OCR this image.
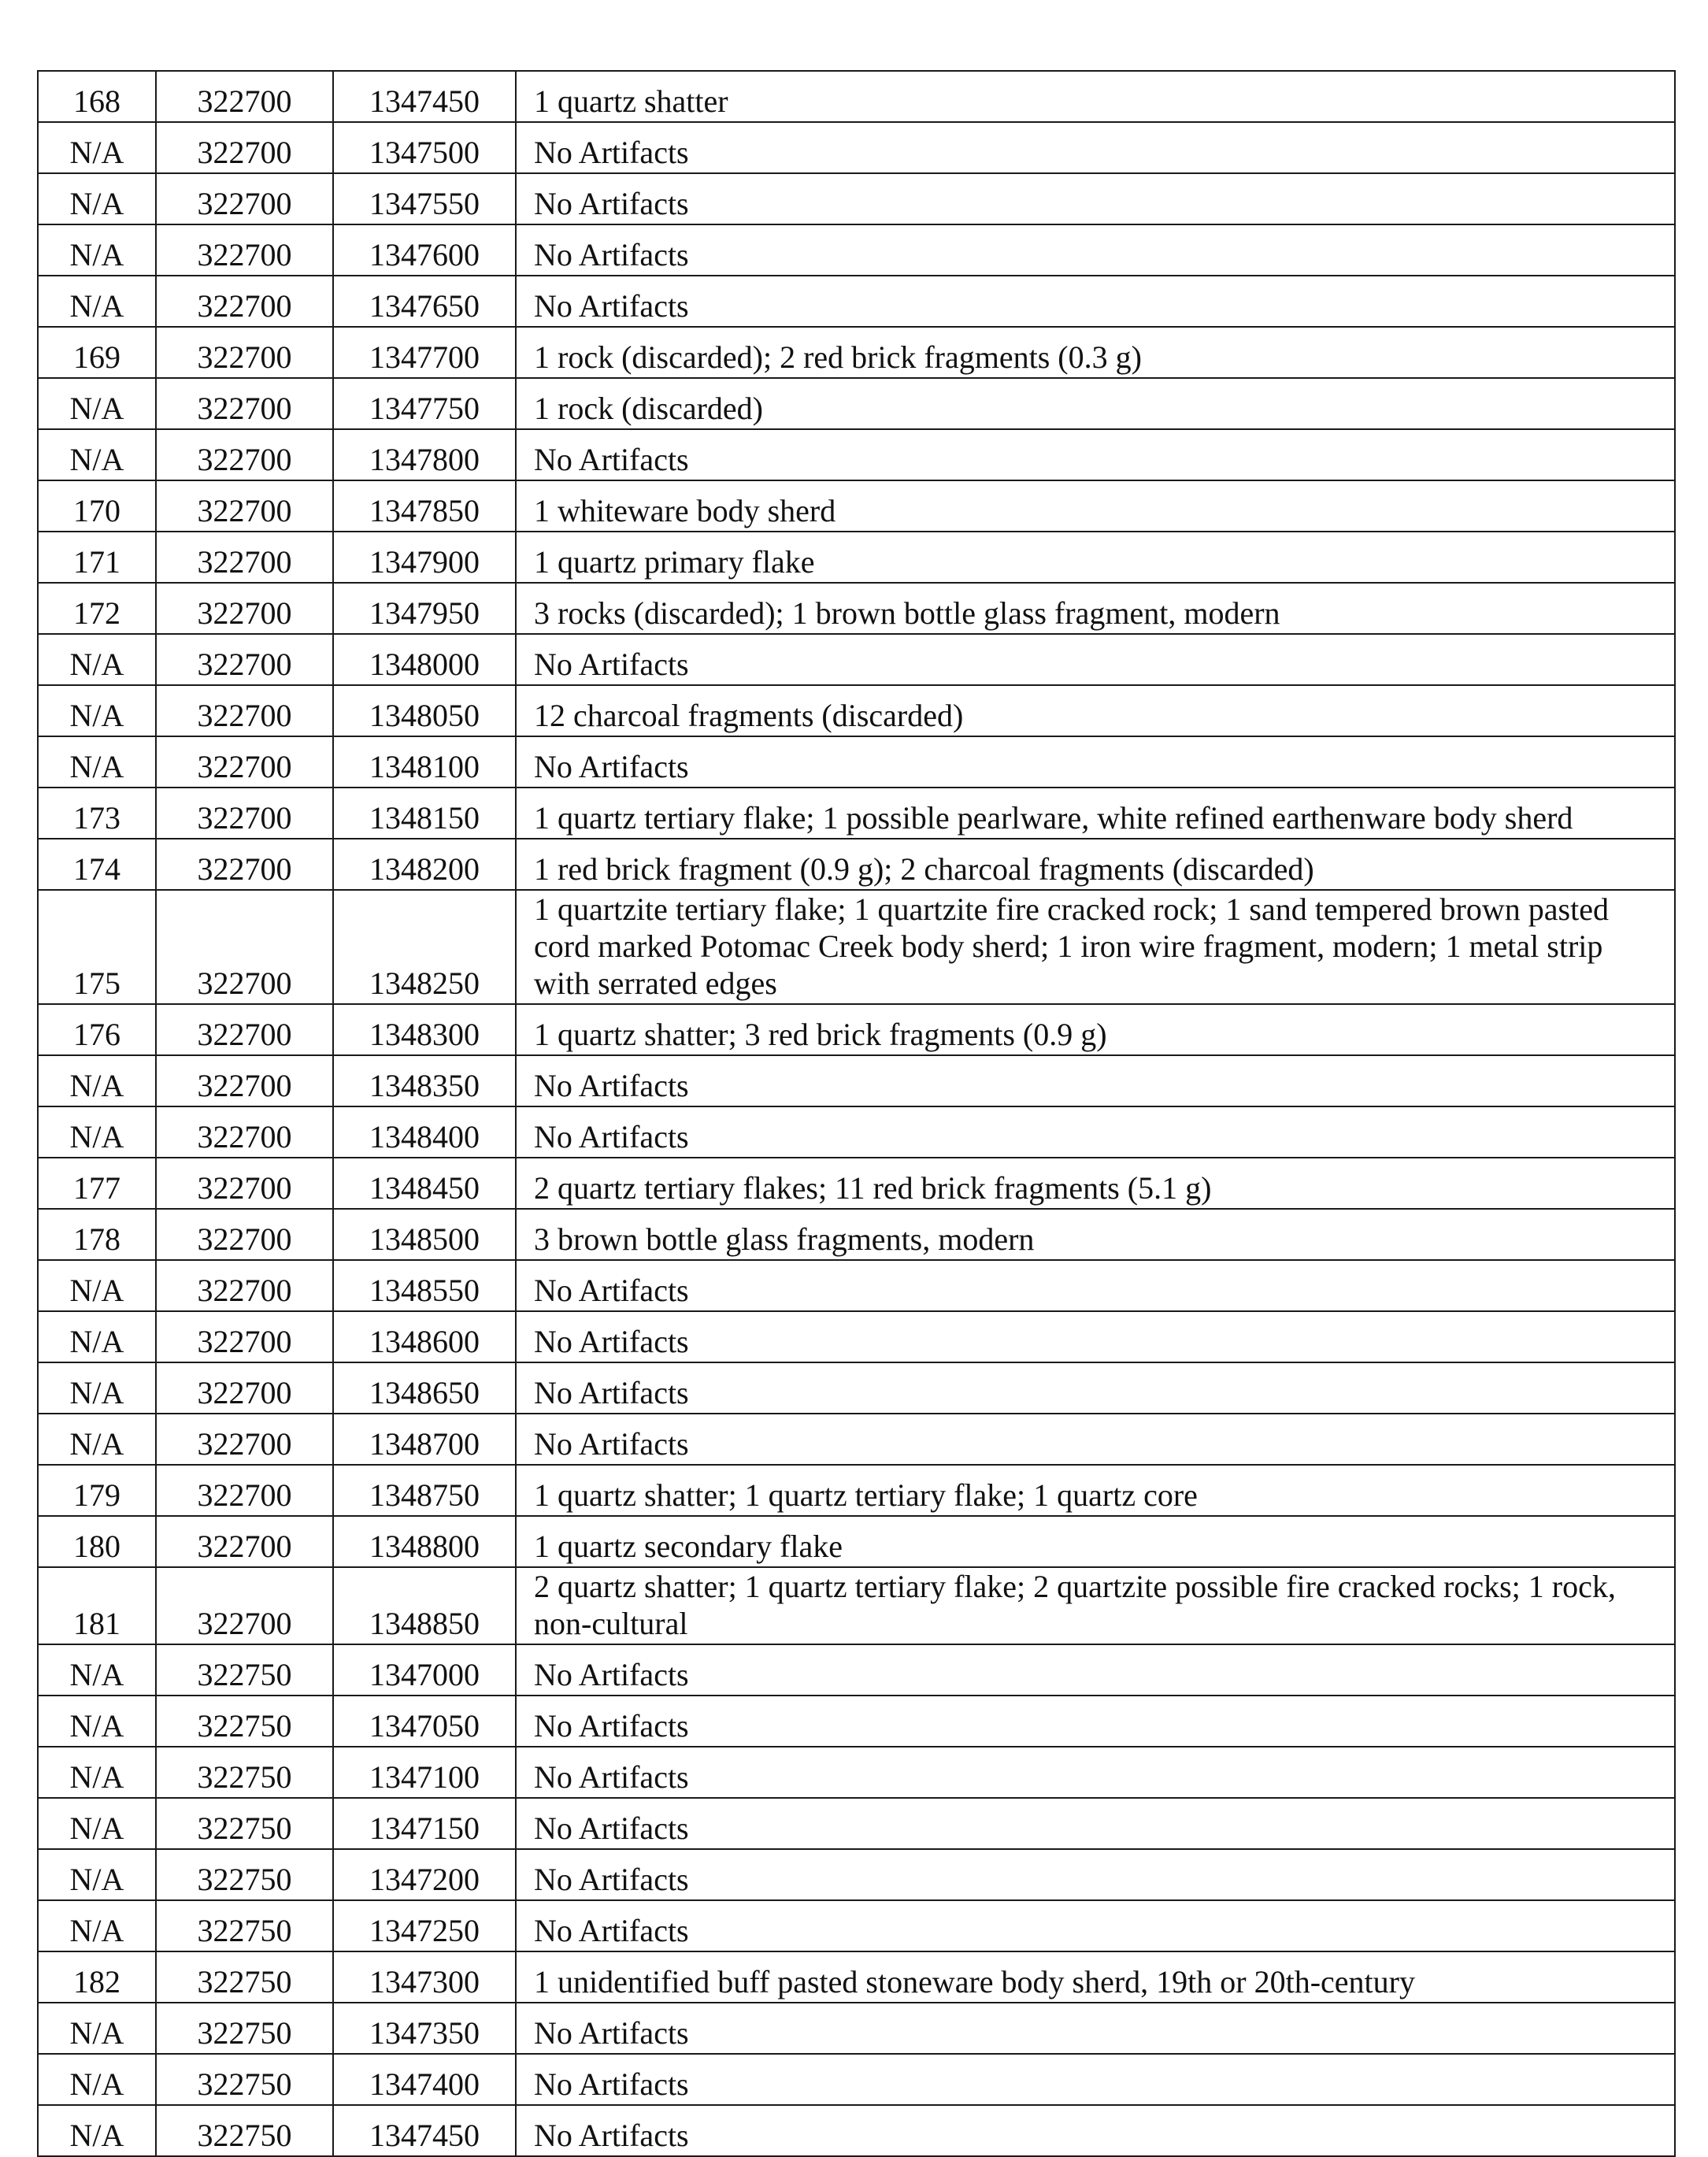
168	322700	1347450	1 quartz shatter
N/A	322700	1347500	No Artifacts
N/A	322700	1347550	No Artifacts
N/A	322700	1347600	No Artifacts
N/A	322700	1347650	No Artifacts
169	322700	1347700	1 rock (discarded); 2 red brick fragments (0.3 g)
N/A	322700	1347750	1 rock (discarded)
N/A	322700	1347800	No Artifacts
170	322700	1347850	1 whiteware body sherd
171	322700	1347900	1 quartz primary flake
172	322700	1347950	3 rocks (discarded); 1 brown bottle glass fragment, modern
N/A	322700	1348000	No Artifacts
N/A	322700	1348050	12 charcoal fragments (discarded)
N/A	322700	1348100	No Artifacts
173	322700	1348150	1 quartz tertiary flake; 1 possible pearlware, white refined earthenware body sherd
174	322700	1348200	1 red brick fragment (0.9 g); 2 charcoal fragments (discarded)
175	322700	1348250	1 quartzite tertiary flake; 1 quartzite fire cracked rock; 1 sand tempered brown pasted cord marked Potomac Creek body sherd; 1 iron wire fragment, modern; 1 metal strip with serrated edges
176	322700	1348300	1 quartz shatter; 3 red brick fragments (0.9 g)
N/A	322700	1348350	No Artifacts
N/A	322700	1348400	No Artifacts
177	322700	1348450	2 quartz tertiary flakes; 11 red brick fragments (5.1 g)
178	322700	1348500	3 brown bottle glass fragments, modern
N/A	322700	1348550	No Artifacts
N/A	322700	1348600	No Artifacts
N/A	322700	1348650	No Artifacts
N/A	322700	1348700	No Artifacts
179	322700	1348750	1 quartz shatter; 1 quartz tertiary flake; 1 quartz core
180	322700	1348800	1 quartz secondary flake
181	322700	1348850	2 quartz shatter; 1 quartz tertiary flake; 2 quartzite possible fire cracked rocks; 1 rock, non-cultural
N/A	322750	1347000	No Artifacts
N/A	322750	1347050	No Artifacts
N/A	322750	1347100	No Artifacts
N/A	322750	1347150	No Artifacts
N/A	322750	1347200	No Artifacts
N/A	322750	1347250	No Artifacts
182	322750	1347300	1 unidentified buff pasted stoneware body sherd, 19th or 20th-century
N/A	322750	1347350	No Artifacts
N/A	322750	1347400	No Artifacts
N/A	322750	1347450	No Artifacts
